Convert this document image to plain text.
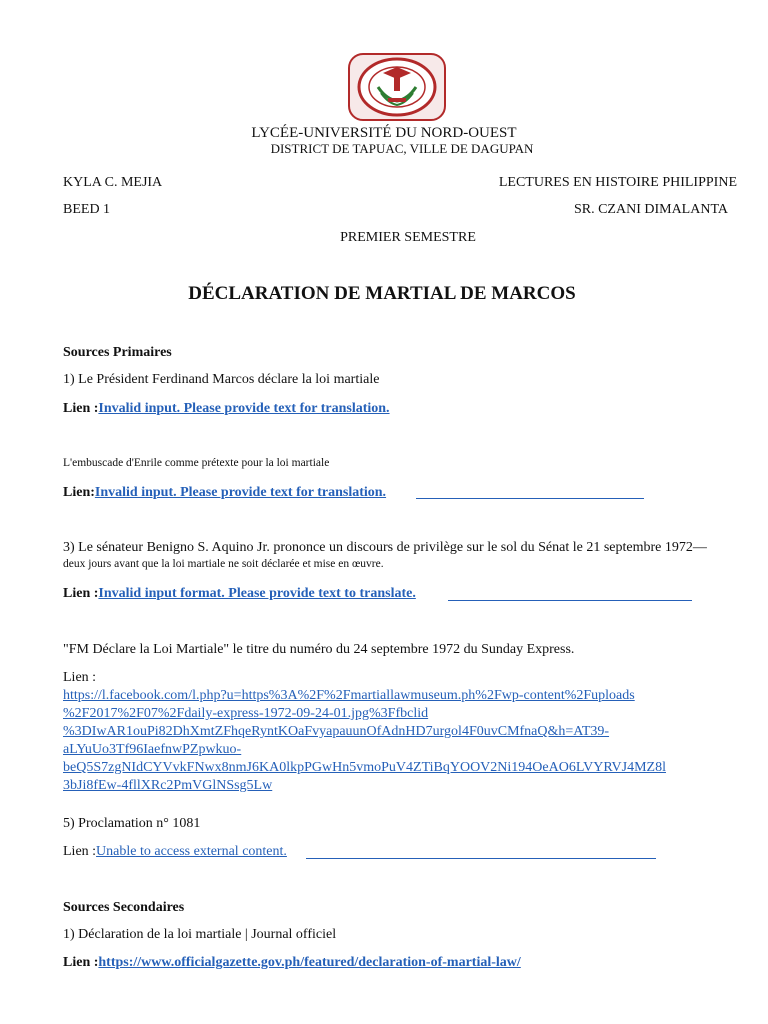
LYCÉE-UNIVERSITÉ DU NORD-OUEST
DISTRICT DE TAPUAC, VILLE DE DAGUPAN
KYLA C. MEJIA	LECTURES EN HISTOIRE PHILIPPINE
BEED 1	SR. CZANI DIMALANTA
PREMIER SEMESTRE
DÉCLARATION DE MARTIAL DE MARCOS
Sources Primaires
1) Le Président Ferdinand Marcos déclare la loi martiale
Lien :Invalid input. Please provide text for translation.
L'embuscade d'Enrile comme prétexte pour la loi martiale
Lien:Invalid input. Please provide text for translation.
3) Le sénateur Benigno S. Aquino Jr. prononce un discours de privilège sur le sol du Sénat le 21 septembre 1972—
deux jours avant que la loi martiale ne soit déclarée et mise en œuvre.
Lien :Invalid input format. Please provide text to translate.
"FM Déclare la Loi Martiale" le titre du numéro du 24 septembre 1972 du Sunday Express.
Lien :
https://l.facebook.com/l.php?u=https%3A%2F%2Fmartiallawmuseum.ph%2Fwp-content%2Fuploads
%2F2017%2F07%2Fdaily-express-1972-09-24-01.jpg%3Ffbclid
%3DIwAR1ouPi82DhXmtZFhqeRyntKOaFvyapauunOfAdnHD7urgol4F0uvCMfnaQ&h=AT39-
aLYuUo3Tf96IaefnwPZpwkuo-
beQ5S7zgNIdCYVvkFNwx8nmJ6KA0lkpPGwHn5vmoPuV4ZTiBqYOOV2Ni194OeAO6LVYRVJ4MZ8l
3bJi8fEw-4fllXRc2PmVGlNSsg5Lw
5) Proclamation n° 1081
Lien :Unable to access external content.
Sources Secondaires
1) Déclaration de la loi martiale | Journal officiel
Lien :https://www.officialgazette.gov.ph/featured/declaration-of-martial-law/
